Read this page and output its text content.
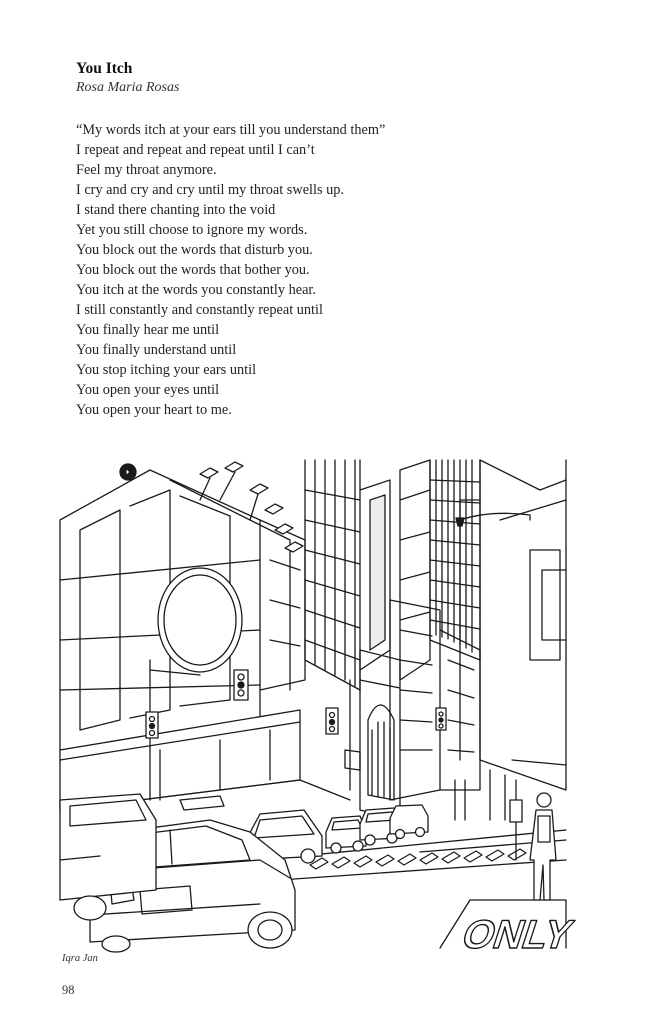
You Itch
Rosa Maria Rosas
“My words itch at your ears till you understand them”
I repeat and repeat and repeat until I can’t
Feel my throat anymore.
I cry and cry and cry until my throat swells up.
I stand there chanting into the void
Yet you still choose to ignore my words.
You block out the words that disturb you.
You block out the words that bother you.
You itch at the words you constantly hear.
I still constantly and constantly repeat until
You finally hear me until
You finally understand until
You stop itching your ears until
You open your eyes until
You open your heart to me.
ONLY
Iqra Jan
98
